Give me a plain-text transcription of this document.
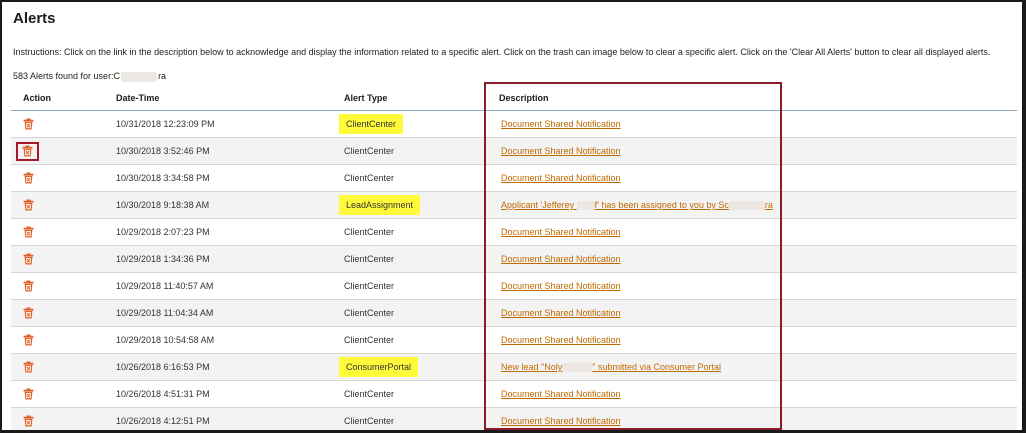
Alerts
Instructions: Click on the link in the description below to acknowledge and display the information related to a specific alert. Click on the trash can image below to clear a specific alert. Click on the 'Clear All Alerts' button to clear all displayed alerts.
583 Alerts found for user:C	ra
Action	Date-Time	Alert Type	Description
	10/31/2018 12:23:09 PM	ClientCenter	Document Shared Notification
	10/30/2018 3:52:46 PM	ClientCenter	Document Shared Notification
	10/30/2018 3:34:58 PM	ClientCenter	Document Shared Notification
	10/30/2018 9:18:38 AM	LeadAssignment	Applicant 'Jefferey f' has been assigned to you by Sc ra
	10/29/2018 2:07:23 PM	ClientCenter	Document Shared Notification
	10/29/2018 1:34:36 PM	ClientCenter	Document Shared Notification
	10/29/2018 11:40:57 AM	ClientCenter	Document Shared Notification
	10/29/2018 11:04:34 AM	ClientCenter	Document Shared Notification
	10/29/2018 10:54:58 AM	ClientCenter	Document Shared Notification
	10/26/2018 6:16:53 PM	ConsumerPortal	New lead "Noly " submitted via Consumer Portal
	10/26/2018 4:51:31 PM	ClientCenter	Document Shared Notification
	10/26/2018 4:12:51 PM	ClientCenter	Document Shared Notification
